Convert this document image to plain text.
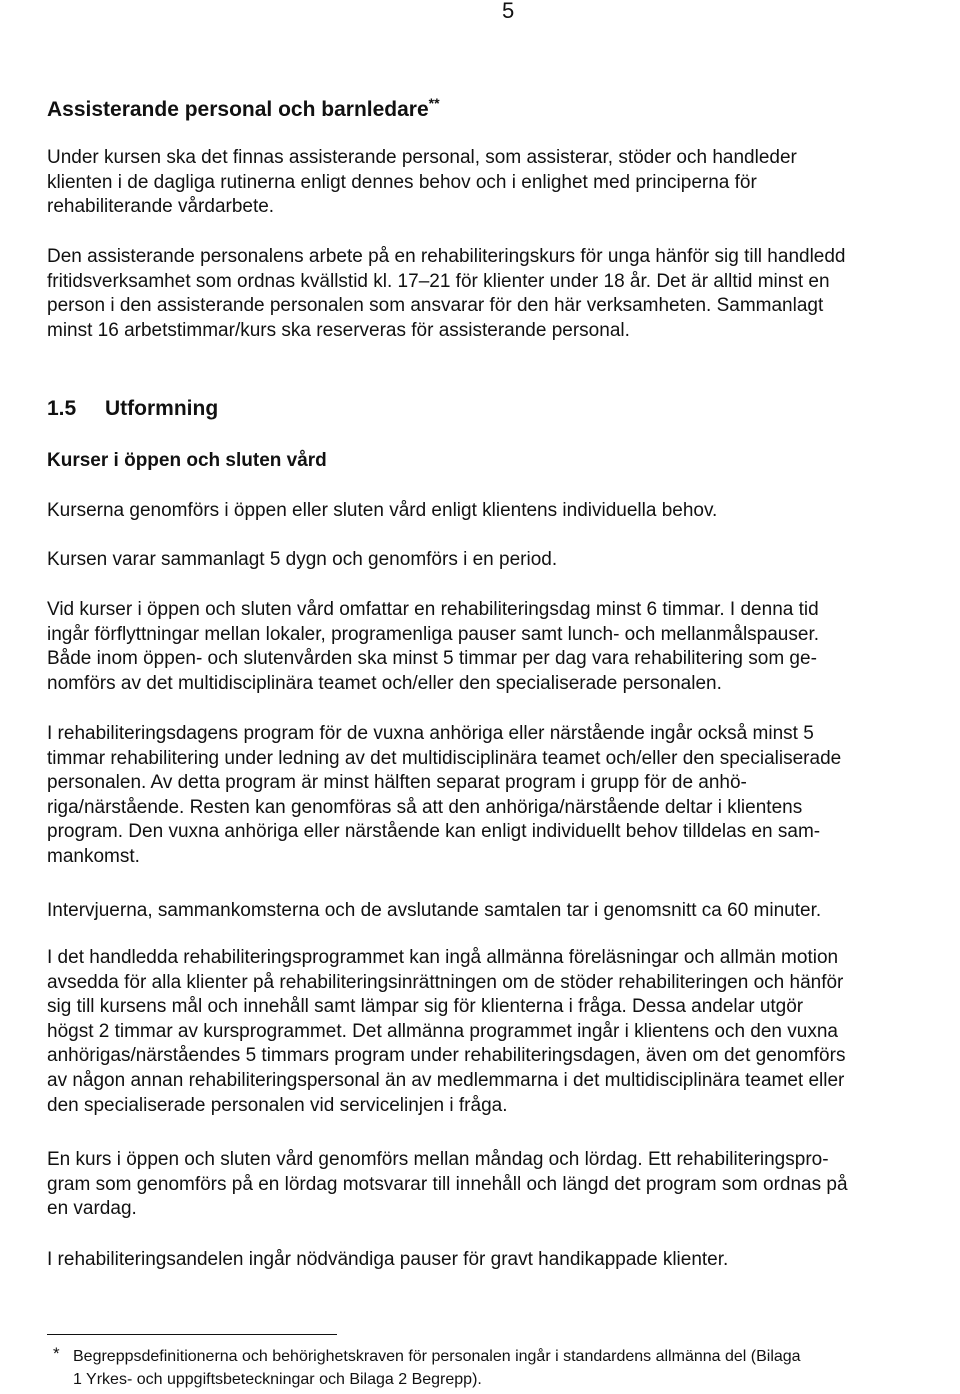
5
Assisterande personal och barnledare**
Under kursen ska det finnas assisterande personal, som assisterar, stöder och handleder
klienten i de dagliga rutinerna enligt dennes behov och i enlighet med principerna för
rehabiliterande vårdarbete.
Den assisterande personalens arbete på en rehabiliteringskurs för unga hänför sig till handledd
fritidsverksamhet som ordnas kvällstid kl. 17–21 för klienter under 18 år. Det är alltid minst en
person i den assisterande personalen som ansvarar för den här verksamheten. Sammanlagt
minst 16 arbetstimmar/kurs ska reserveras för assisterande personal.
1.5 Utformning
Kurser i öppen och sluten vård
Kurserna genomförs i öppen eller sluten vård enligt klientens individuella behov.
Kursen varar sammanlagt 5 dygn och genomförs i en period.
Vid kurser i öppen och sluten vård omfattar en rehabiliteringsdag minst 6 timmar. I denna tid
ingår förflyttningar mellan lokaler, programenliga pauser samt lunch- och mellanmålspauser.
Både inom öppen- och slutenvården ska minst 5 timmar per dag vara rehabilitering som ge-
nomförs av det multidisciplinära teamet och/eller den specialiserade personalen.
I rehabiliteringsdagens program för de vuxna anhöriga eller närstående ingår också minst 5
timmar rehabilitering under ledning av det multidisciplinära teamet och/eller den specialiserade
personalen. Av detta program är minst hälften separat program i grupp för de anhö-
riga/närstående. Resten kan genomföras så att den anhöriga/närstående deltar i klientens
program. Den vuxna anhöriga eller närstående kan enligt individuellt behov tilldelas en sam-
mankomst.
Intervjuerna, sammankomsterna och de avslutande samtalen tar i genomsnitt ca 60 minuter.
I det handledda rehabiliteringsprogrammet kan ingå allmänna föreläsningar och allmän motion
avsedda för alla klienter på rehabiliteringsinrättningen om de stöder rehabiliteringen och hänför
sig till kursens mål och innehåll samt lämpar sig för klienterna i fråga. Dessa andelar utgör
högst 2 timmar av kursprogrammet. Det allmänna programmet ingår i klientens och den vuxna
anhörigas/närståendes 5 timmars program under rehabiliteringsdagen, även om det genomförs
av någon annan rehabiliteringspersonal än av medlemmarna i det multidisciplinära teamet eller
den specialiserade personalen vid servicelinjen i fråga.
En kurs i öppen och sluten vård genomförs mellan måndag och lördag. Ett rehabiliteringspro-
gram som genomförs på en lördag motsvarar till innehåll och längd det program som ordnas på
en vardag.
I rehabiliteringsandelen ingår nödvändiga pauser för gravt handikappade klienter.
* Begreppsdefinitionerna och behörighetskraven för personalen ingår i standardens allmänna del (Bilaga
1 Yrkes- och uppgiftsbeteckningar och Bilaga 2 Begrepp).
